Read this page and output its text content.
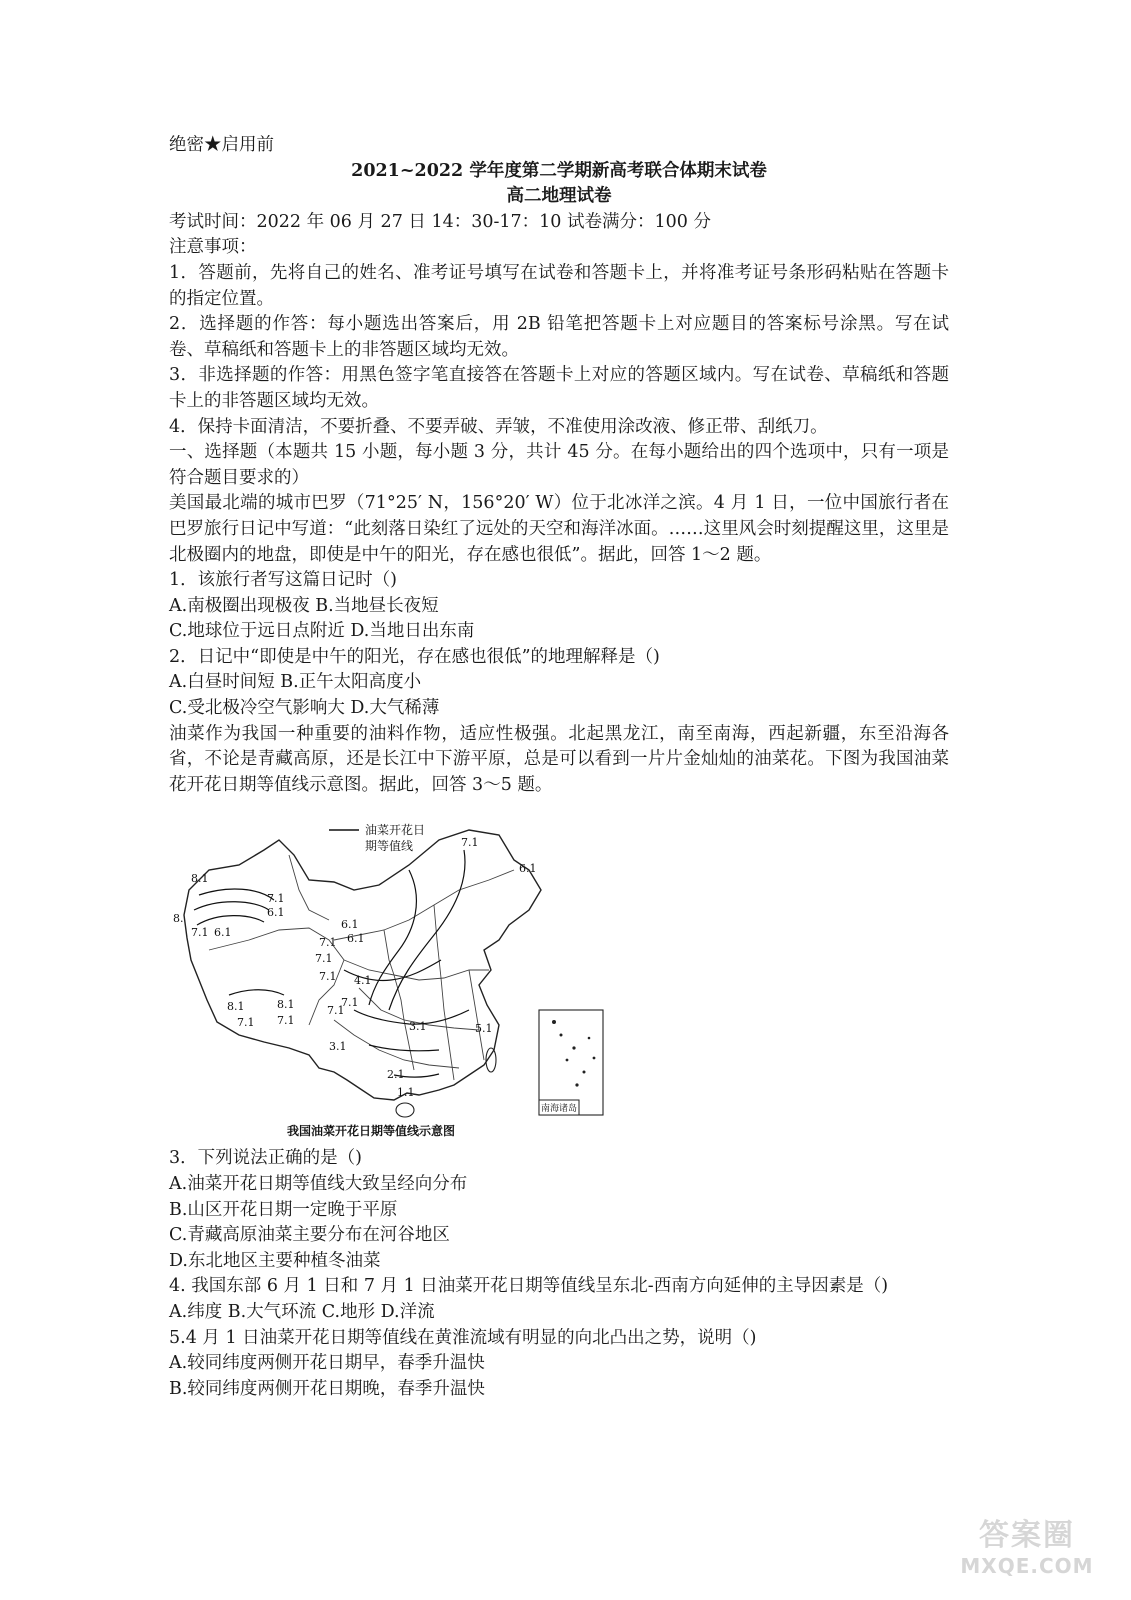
绝密★启用前
2021~2022 学年度第二学期新高考联合体期末试卷
高二地理试卷
考试时间：2022 年 06 月 27 日 14：30-17：10 试卷满分：100 分
注意事项：
1．答题前，先将自己的姓名、准考证号填写在试卷和答题卡上，并将准考证号条形码粘贴在答题卡的指定位置。
2．选择题的作答：每小题选出答案后，用 2B 铅笔把答题卡上对应题目的答案标号涂黑。写在试卷、草稿纸和答题卡上的非答题区域均无效。
3．非选择题的作答：用黑色签字笔直接答在答题卡上对应的答题区域内。写在试卷、草稿纸和答题卡上的非答题区域均无效。
4．保持卡面清洁，不要折叠、不要弄破、弄皱，不准使用涂改液、修正带、刮纸刀。
一、选择题（本题共 15 小题，每小题 3 分，共计 45 分。在每小题给出的四个选项中，只有一项是符合题目要求的）
美国最北端的城市巴罗（71°25′ N，156°20′ W）位于北冰洋之滨。4 月 1 日，一位中国旅行者在巴罗旅行日记中写道：“此刻落日染红了远处的天空和海洋冰面。……这里风会时刻提醒这里，这里是北极圈内的地盘，即使是中午的阳光，存在感也很低”。据此，回答 1～2 题。
1．该旅行者写这篇日记时（)
A.南极圈出现极夜 B.当地昼长夜短
C.地球位于远日点附近 D.当地日出东南
2．日记中“即使是中午的阳光，存在感也很低”的地理解释是（)
A.白昼时间短 B.正午太阳高度小
C.受北极冷空气影响大 D.大气稀薄
油菜作为我国一种重要的油料作物，适应性极强。北起黑龙江，南至南海，西起新疆，东至沿海各省，不论是青藏高原，还是长江中下游平原，总是可以看到一片片金灿灿的油菜花。下图为我国油菜花开花日期等值线示意图。据此，回答 3～5 题。
油菜开花日
期等值线
南海诸岛
8.1
8.
7.1
6.1
7.1 6.1
7.1
6.1
7.1
7.1
6.1
4.1
7.1
8.1	8.1
7.1 7.1
7.1
3.1
3.1
2.1
1.1
5.1
7.1
6.1
我国油菜开花日期等值线示意图
3．下列说法正确的是（)
A.油菜开花日期等值线大致呈经向分布
B.山区开花日期一定晚于平原
C.青藏高原油菜主要分布在河谷地区
D.东北地区主要种植冬油菜
4. 我国东部 6 月 1 日和 7 月 1 日油菜开花日期等值线呈东北-西南方向延伸的主导因素是（)
A.纬度 B.大气环流 C.地形 D.洋流
5.4 月 1 日油菜开花日期等值线在黄淮流域有明显的向北凸出之势，说明（)
A.较同纬度两侧开花日期早，春季升温快
B.较同纬度两侧开花日期晚，春季升温快
答案圈
MXQE.COM
